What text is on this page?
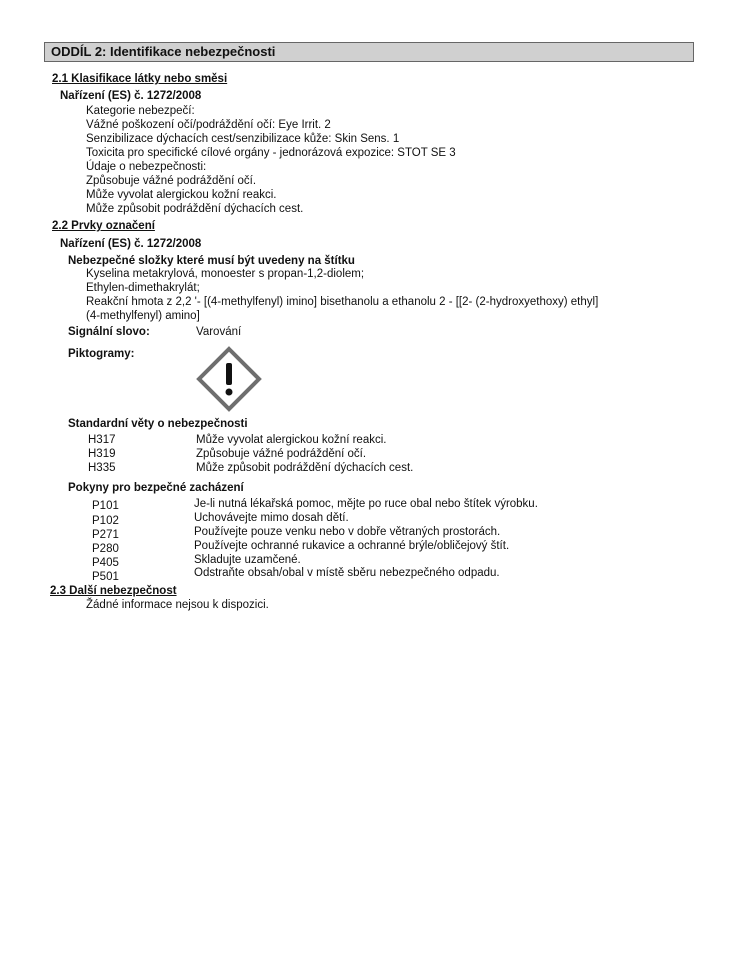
ODDÍL 2: Identifikace nebezpečnosti
2.1 Klasifikace látky nebo směsi
Nařízení (ES) č. 1272/2008
Kategorie nebezpečí:
Vážné poškození očí/podráždění očí: Eye Irrit. 2
Senzibilizace dýchacích cest/senzibilizace kůže: Skin Sens. 1
Toxicita pro specifické cílové orgány - jednorázová expozice: STOT SE 3
Údaje o nebezpečnosti:
Způsobuje vážné podráždění očí.
Může vyvolat alergickou kožní reakci.
Může způsobit podráždění dýchacích cest.
2.2 Prvky označení
Nařízení (ES) č. 1272/2008
Nebezpečné složky které musí být uvedeny na štítku
Kyselina metakrylová, monoester s propan-1,2-diolem;
Ethylen-dimethakrylát;
Reakční hmota z 2,2 '- [(4-methylfenyl) imino] bisethanolu a ethanolu 2 - [[2- (2-hydroxyethoxy) ethyl]
(4-methylfenyl) amino]
Signální slovo:	Varování
Piktogramy:
Standardní věty o nebezpečnosti
H317	Může vyvolat alergickou kožní reakci.
H319	Způsobuje vážné podráždění očí.
H335	Může způsobit podráždění dýchacích cest.
Pokyny pro bezpečné zacházení
P101	Je-li nutná lékařská pomoc, mějte po ruce obal nebo štítek výrobku.
P102	Uchovávejte mimo dosah dětí.
P271	Používejte pouze venku nebo v dobře větraných prostorách.
P280	Používejte ochranné rukavice a ochranné brýle/obličejový štít.
P405	Skladujte uzamčené.
P501	Odstraňte obsah/obal v místě sběru nebezpečného odpadu.
2.3 Další nebezpečnost
Žádné informace nejsou k dispozici.
